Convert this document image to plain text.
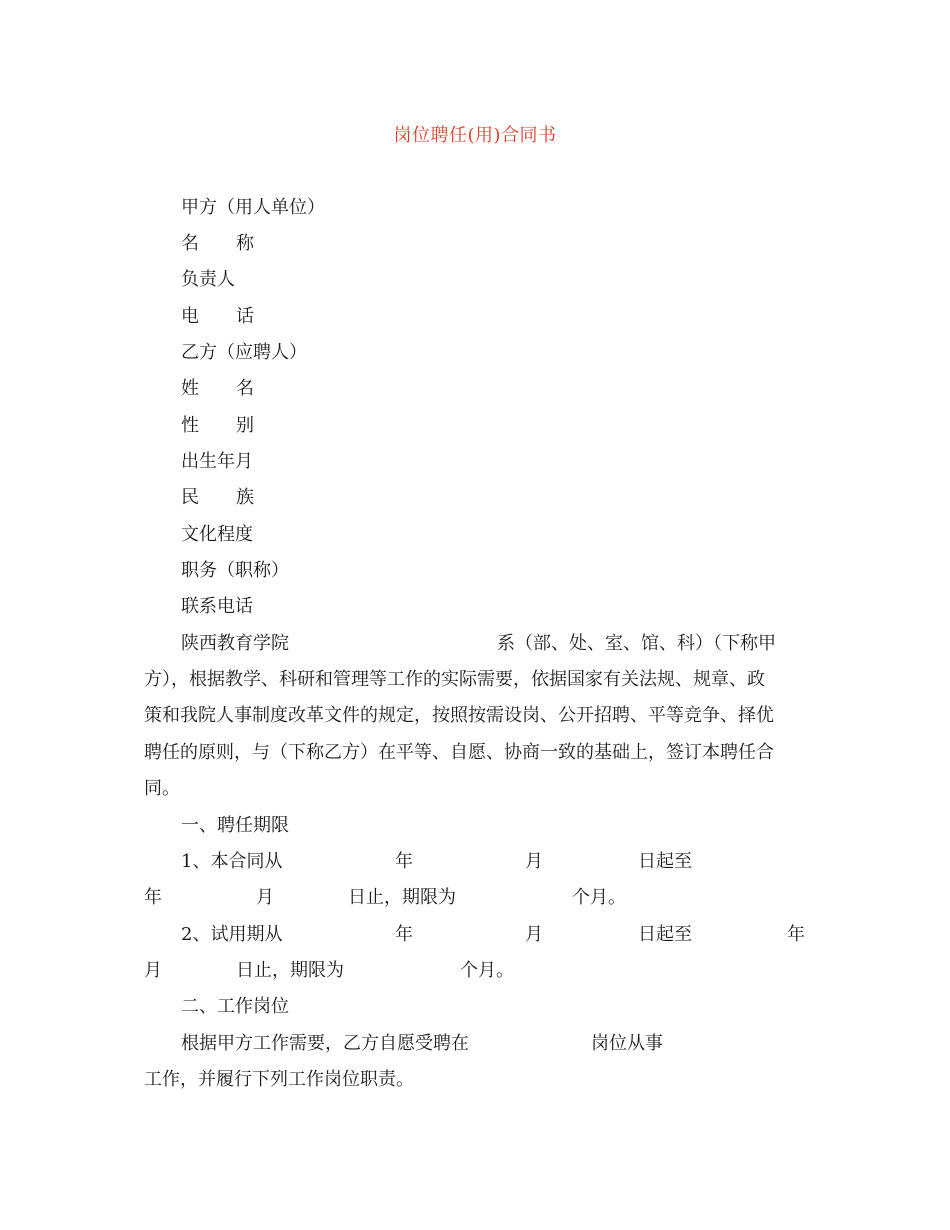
岗位聘任(用)合同书
甲方（用人单位）
名 称
负责人
电 话
乙方（应聘人）
姓 名
性 别
出生年月
民 族
文化程度
职务（职称）
联系电话
陕西教育学院	系（部、处、室、馆、科）（下称甲
方），根据教学、科研和管理等工作的实际需要，依据国家有关法规、规章、政
策和我院人事制度改革文件的规定，按照按需设岗、公开招聘、平等竞争、择优
聘任的原则，与（下称乙方）在平等、自愿、协商一致的基础上，签订本聘任合
同。
一、聘任期限
1、本合同从	年	月	日起至
年	月	日止，期限为	个月。
2、试用期从	年	月	日起至	年
月	日止，期限为	个月。
二、工作岗位
根据甲方工作需要，乙方自愿受聘在	岗位从事
工作，并履行下列工作岗位职责。
